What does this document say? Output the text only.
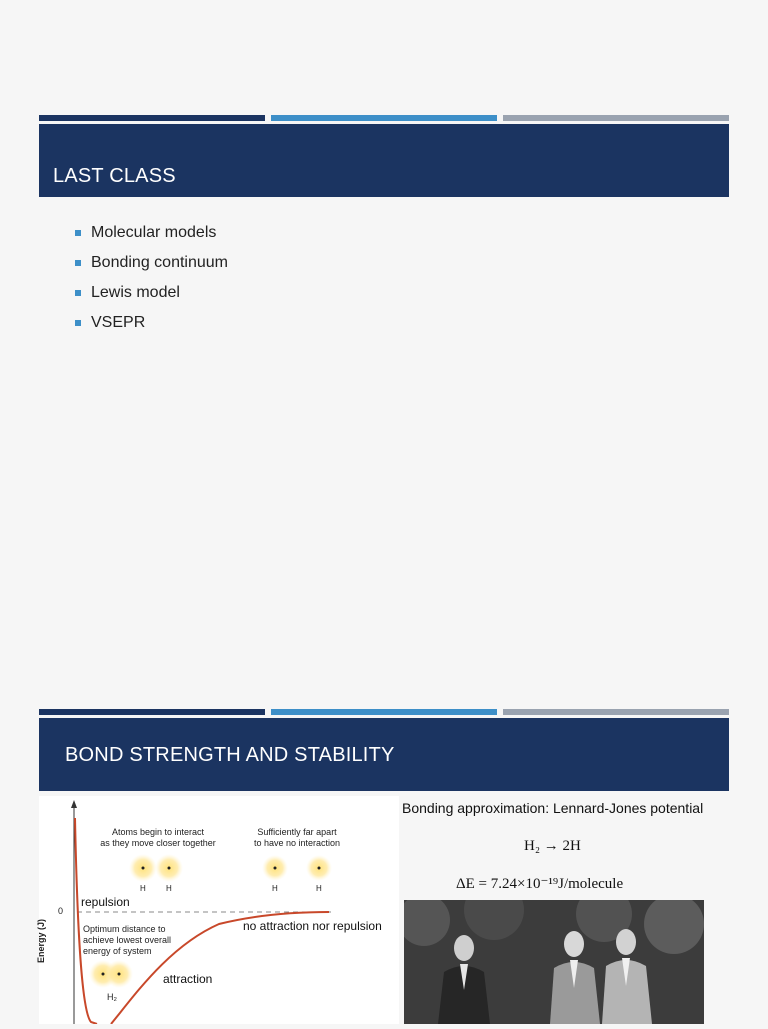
LAST CLASS
Molecular models
Bonding continuum
Lewis model
VSEPR
BOND STRENGTH AND STABILITY
Energy (J)
0
Atoms begin to interact
as they move closer together
Sufficiently far apart
to have no interaction
H	H	H	H
repulsion
Optimum distance to
achieve lowest overall
energy of system
attraction
H₂
no attraction nor repulsion
Bonding approximation: Lennard-Jones potential
H₂ → 2H
ΔE = 7.24×10⁻¹⁹J/molecule
